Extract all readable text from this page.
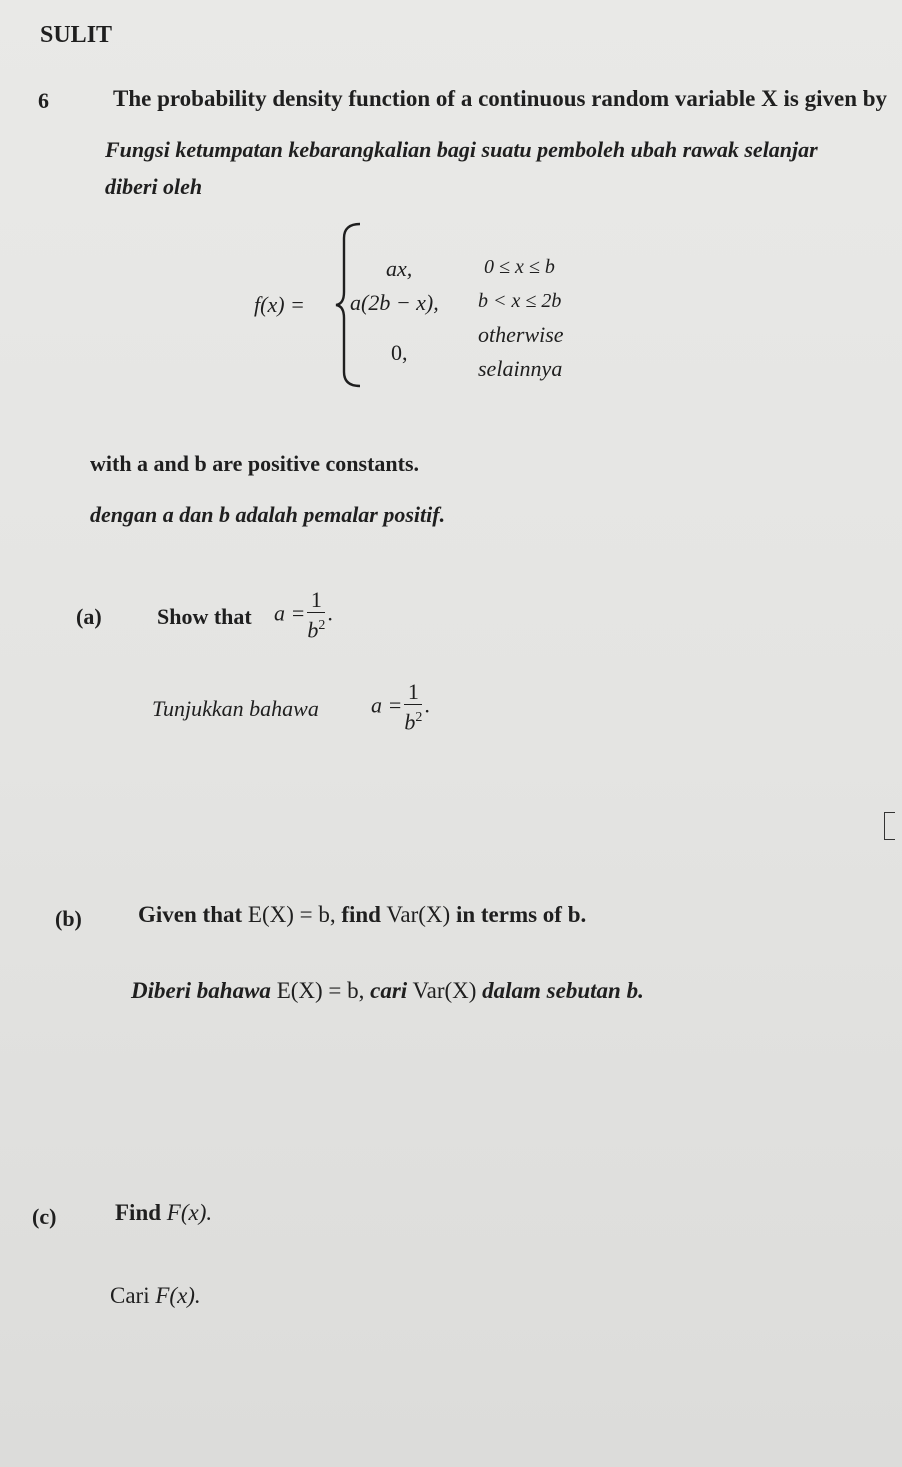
SULIT
6	The probability density function of a continuous random variable X is given by
Fungsi ketumpatan kebarangkalian bagi suatu pemboleh ubah rawak selanjar
diberi oleh
f(x) =
ax,	0 ≤ x ≤ b
a(2b − x), b < x ≤ 2b
0,
otherwise
selainnya
with a and b are positive constants.
dengan a dan b adalah pemalar positif.
(a)	Show that $a = \frac{1}{b^2}$ .
Tunjukkan bahawa $a = \frac{1}{b^2}$ .
(b) Given that E(X) = b, find Var(X) in terms of b.
Diberi bahawa E(X) = b, cari Var(X) dalam sebutan b.
(c)	Find F(x).
Cari F(x).
